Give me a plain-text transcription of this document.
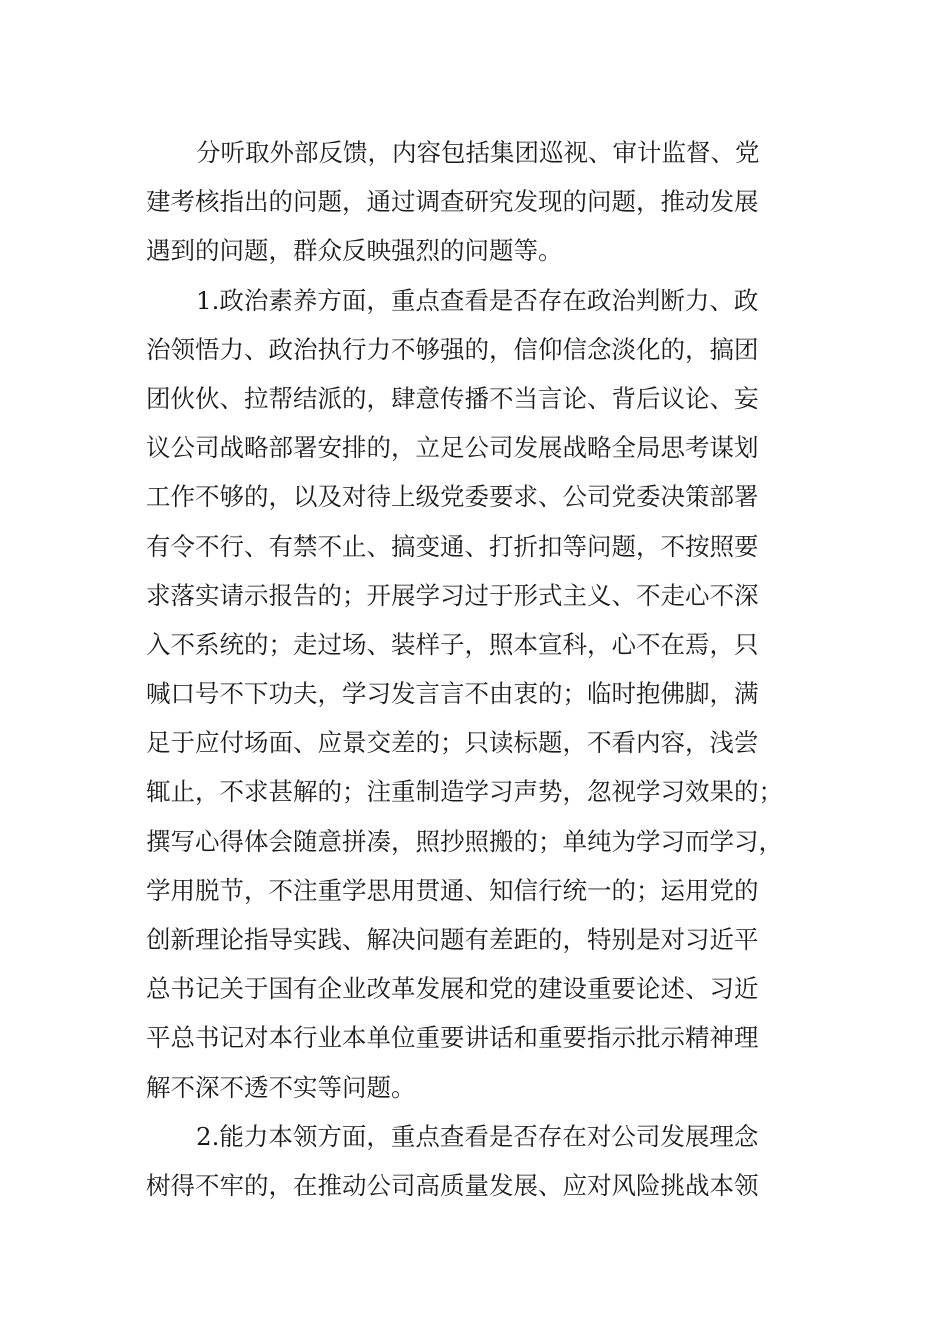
分听取外部反馈，内容包括集团巡视、审计监督、党
建考核指出的问题，通过调查研究发现的问题，推动发展
遇到的问题，群众反映强烈的问题等。
1.政治素养方面，重点查看是否存在政治判断力、政
治领悟力、政治执行力不够强的，信仰信念淡化的，搞团
团伙伙、拉帮结派的，肆意传播不当言论、背后议论、妄
议公司战略部署安排的，立足公司发展战略全局思考谋划
工作不够的，以及对待上级党委要求、公司党委决策部署
有令不行、有禁不止、搞变通、打折扣等问题，不按照要
求落实请示报告的；开展学习过于形式主义、不走心不深
入不系统的；走过场、装样子，照本宣科，心不在焉，只
喊口号不下功夫，学习发言言不由衷的；临时抱佛脚，满
足于应付场面、应景交差的；只读标题，不看内容，浅尝
辄止，不求甚解的；注重制造学习声势，忽视学习效果的；
撰写心得体会随意拼凑，照抄照搬的；单纯为学习而学习，
学用脱节，不注重学思用贯通、知信行统一的；运用党的
创新理论指导实践、解决问题有差距的，特别是对习近平
总书记关于国有企业改革发展和党的建设重要论述、习近
平总书记对本行业本单位重要讲话和重要指示批示精神理
解不深不透不实等问题。
2.能力本领方面，重点查看是否存在对公司发展理念
树得不牢的，在推动公司高质量发展、应对风险挑战本领
